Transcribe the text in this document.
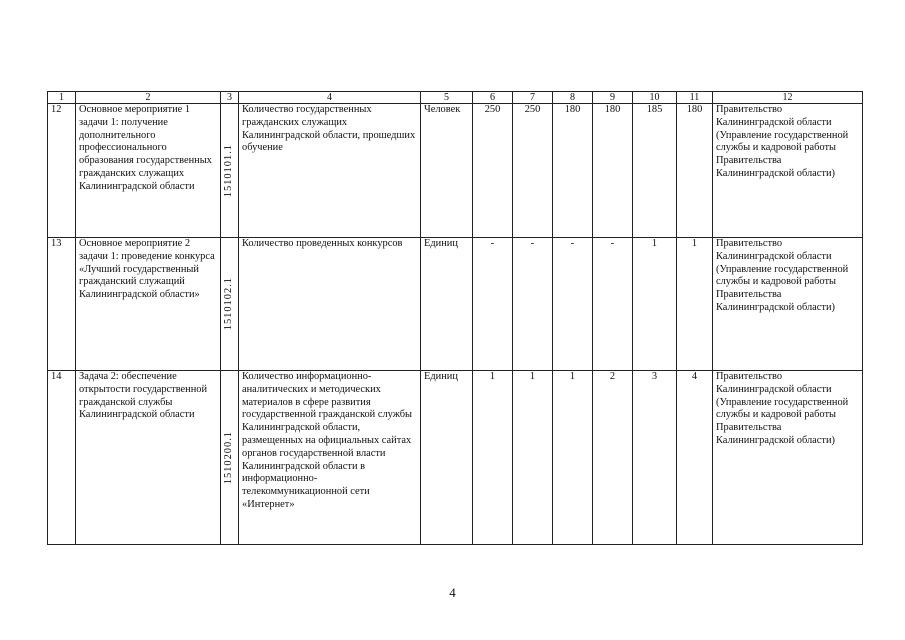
1	2	3	4	5	6	7	8	9	10	11	12
12	Основное мероприятие 1 задачи 1: получение дополнительного профессионального образования государственных гражданских служащих Калининградской области	1510101.1	Количество государственных гражданских служащих Калининградской области, прошедших обучение	Человек	250	250	180	180	185	180	Правительство Калининградской области (Управление государственной службы и кадровой работы Правительства Калининградской области)
13	Основное мероприятие 2 задачи 1: проведение конкурса «Лучший государственный гражданский служащий Калининградской области»	1510102.1	Количество проведенных конкурсов	Единиц	-	-	-	-	1	1	Правительство Калининградской области (Управление государственной службы и кадровой работы Правительства Калининградской области)
14	Задача 2: обеспечение открытости государственной гражданской службы Калининградской области	1510200.1	Количество информационно-аналитических и методических материалов в сфере развития государственной гражданской службы Калининградской области, размещенных на официальных сайтах органов государственной власти Калининградской области в информационно-телекоммуникационной сети «Интернет»	Единиц	1	1	1	2	3	4	Правительство Калининградской области (Управление государственной службы и кадровой работы Правительства Калининградской области)
4
